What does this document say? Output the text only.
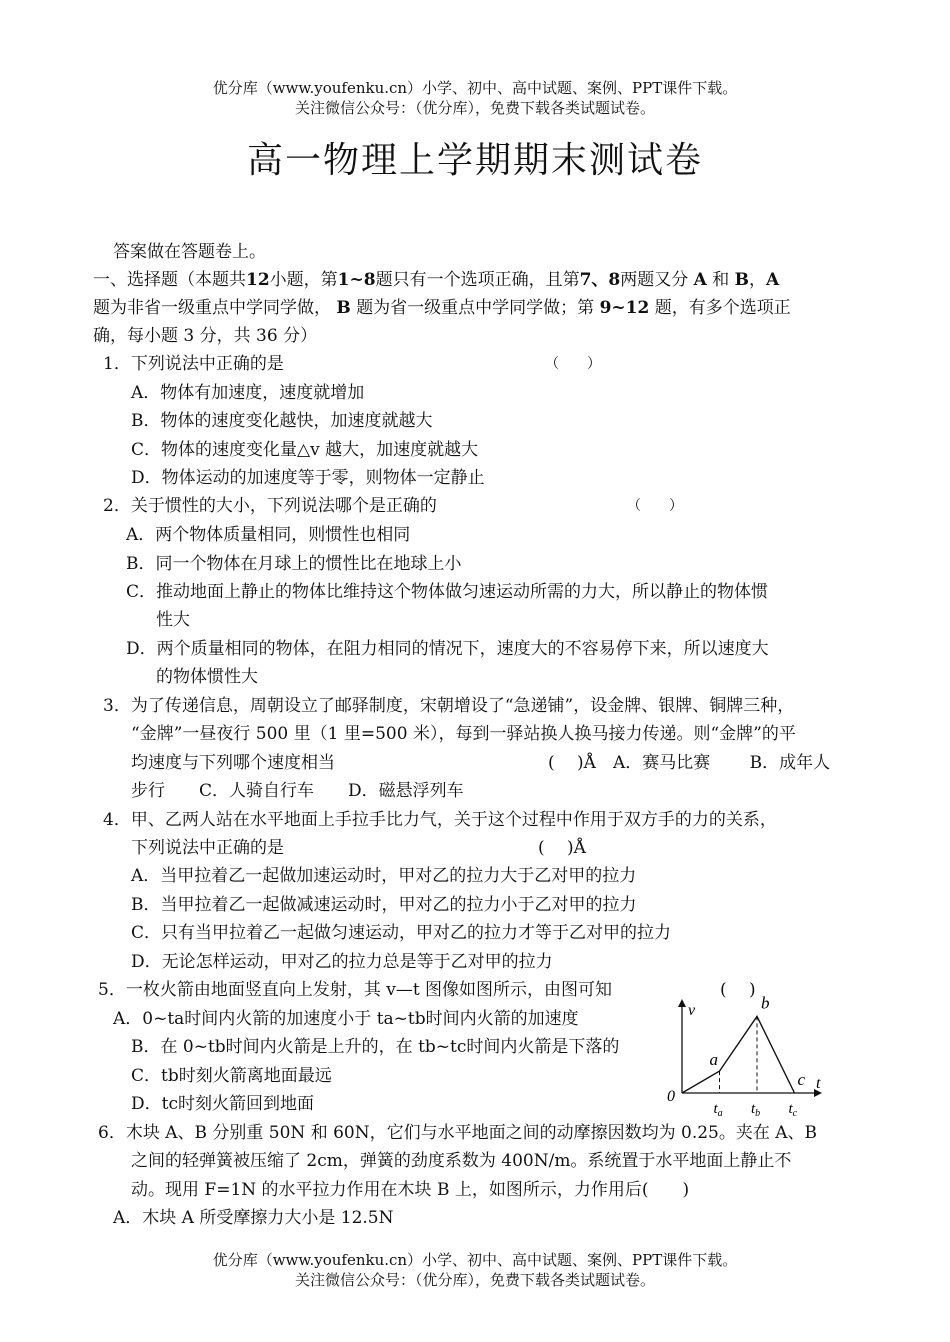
优分库（www.youfenku.cn）小学、初中、高中试题、案例、PPT课件下载。
关注微信公众号：（优分库），免费下载各类试题试卷。
高一物理上学期期末测试卷
答案做在答题卷上。
一、选择题（本题共12小题，第1~8题只有一个选项正确，且第7、8两题又分 A 和 B，A
题为非省一级重点中学同学做， B 题为省一级重点中学同学做；第 9~12 题，有多个选项正
确，每小题 3 分，共 36 分）
1．下列说法中正确的是	（　　）
A．物体有加速度，速度就增加
B．物体的速度变化越快，加速度就越大
C．物体的速度变化量△v 越大，加速度就越大
D．物体运动的加速度等于零，则物体一定静止
2．关于惯性的大小，下列说法哪个是正确的	（　　）
A．两个物体质量相同，则惯性也相同
B．同一个物体在月球上的惯性比在地球上小
C．推动地面上静止的物体比维持这个物体做匀速运动所需的力大，所以静止的物体惯
性大
D．两个质量相同的物体，在阻力相同的情况下，速度大的不容易停下来，所以速度大
的物体惯性大
3．为了传递信息，周朝设立了邮驿制度，宋朝增设了“急递铺”，设金牌、银牌、铜牌三种，
“金牌”一昼夜行 500 里（1 里=500 米），每到一驿站换人换马接力传递。则“金牌”的平
均速度与下列哪个速度相当	(　 )Å　A．赛马比赛　　 B．成年人
步行　　C．人骑自行车　　D．磁悬浮列车
4．甲、乙两人站在水平地面上手拉手比力气，关于这个过程中作用于双方手的力的关系，
下列说法中正确的是	(　 )Å
A．当甲拉着乙一起做加速运动时，甲对乙的拉力大于乙对甲的拉力
B．当甲拉着乙一起做减速运动时，甲对乙的拉力小于乙对甲的拉力
C．只有当甲拉着乙一起做匀速运动，甲对乙的拉力才等于乙对甲的拉力
D．无论怎样运动，甲对乙的拉力总是等于乙对甲的拉力
5．一枚火箭由地面竖直向上发射，其 v—t 图像如图所示，由图可知	(　 )
A．0~ta时间内火箭的加速度小于 ta~tb时间内火箭的加速度
B．在 0~tb时间内火箭是上升的，在 tb~tc时间内火箭是下落的
C．tb时刻火箭离地面最远
D．tc时刻火箭回到地面
v
t
0
$t_a$ $t_b$ $t_c$
a
b
c
6．木块 A、B 分别重 50N 和 60N，它们与水平地面之间的动摩擦因数均为 0.25。夹在 A、B
之间的轻弹簧被压缩了 2cm，弹簧的劲度系数为 400N/m。系统置于水平地面上静止不
动。现用 F=1N 的水平拉力作用在木块 B 上，如图所示，力作用后(　　)
A．木块 A 所受摩擦力大小是 12.5N
优分库（www.youfenku.cn）小学、初中、高中试题、案例、PPT课件下载。
关注微信公众号：（优分库），免费下载各类试题试卷。
